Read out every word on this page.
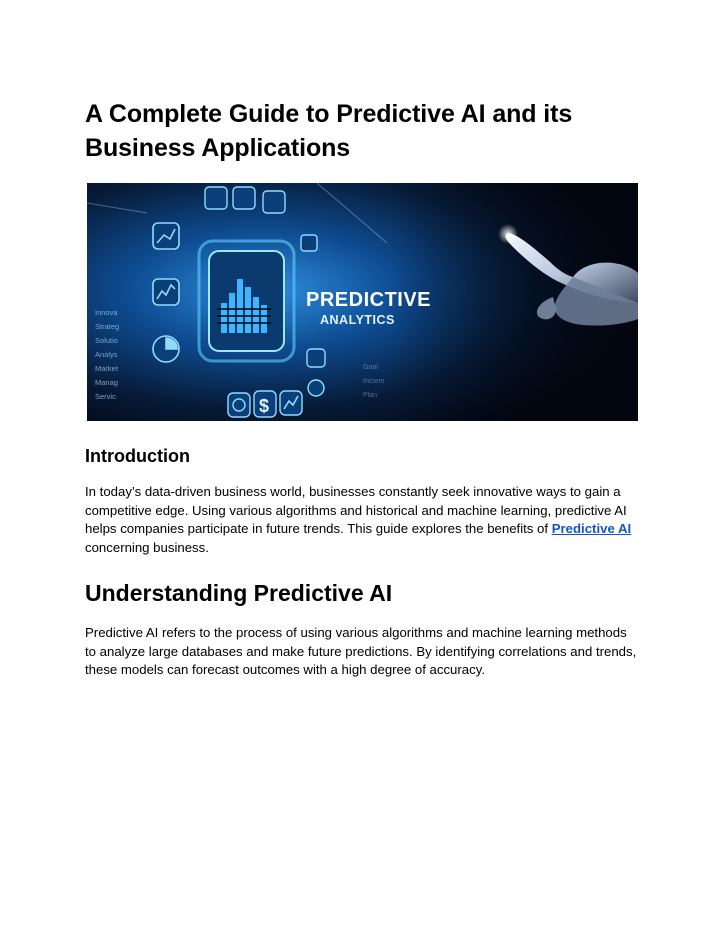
A Complete Guide to Predictive AI and its Business Applications
PREDICTIVE
ANALYTICS
Innova
Strateg
Solutio
Analys
Market
Manag
Servic
Goal
Increm
Plan
$
Introduction

In today’s data-driven business world, businesses constantly seek innovative ways to gain a competitive edge. Using various algorithms and historical and machine learning, predictive AI helps companies participate in future trends. This guide explores the benefits of Predictive AI concerning business.

Understanding Predictive AI

Predictive AI refers to the process of using various algorithms and machine learning methods to analyze large databases and make future predictions. By identifying correlations and trends, these models can forecast outcomes with a high degree of accuracy.
